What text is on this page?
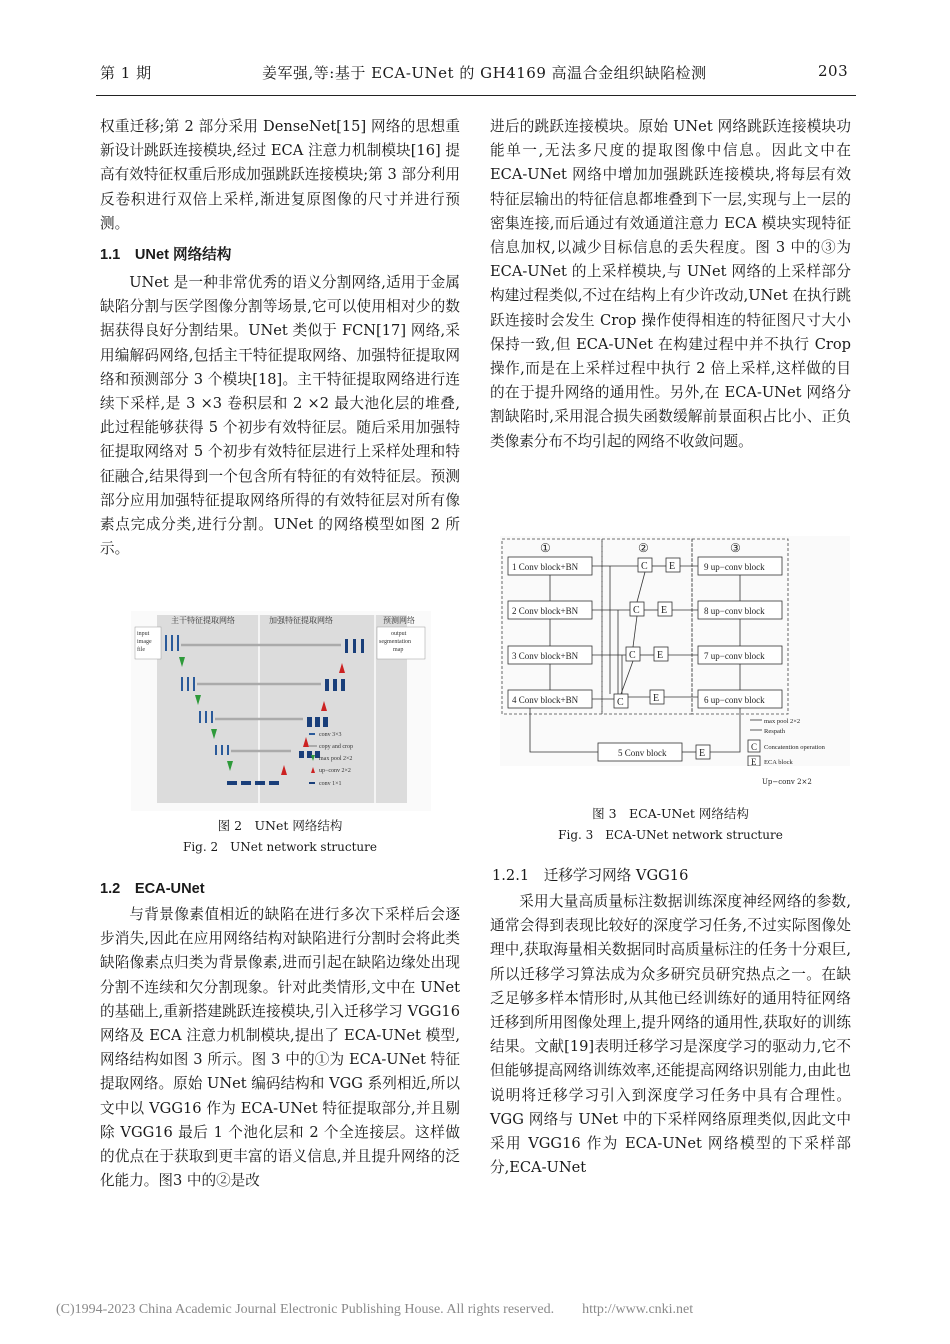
第 1 期	姜军强,等:基于 ECA-UNet 的 GH4169 高温合金组织缺陷检测	203

权重迁移;第 2 部分采用 DenseNet[15] 网络的思想重新设计跳跃连接模块,经过 ECA 注意力机制模块[16] 提高有效特征权重后形成加强跳跃连接模块;第 3 部分利用反卷积进行双倍上采样,渐进复原图像的尺寸并进行预测。

1.1　UNet 网络结构

UNet 是一种非常优秀的语义分割网络,适用于金属缺陷分割与医学图像分割等场景,它可以使用相对少的数据获得良好分割结果。UNet 类似于 FCN[17] 网络,采用编解码网络,包括主干特征提取网络、加强特征提取网络和预测部分 3 个模块[18]。主干特征提取网络进行连续下采样,是 3 ×3 卷积层和 2 ×2 最大池化层的堆叠,此过程能够获得 5 个初步有效特征层。随后采用加强特征提取网络对 5 个初步有效特征层进行上采样处理和特征融合,结果得到一个包含所有特征的有效特征层。预测部分应用加强特征提取网络所得的有效特征层对所有像素点完成分类,进行分割。UNet 的网络模型如图 2 所示。

主干特征提取网络	加强特征提取网络	预测网络
input
image
file
output
segmentation
map
conv 3×3
copy and crop
max pool 2×2
up−conv 2×2
conv 1×1
图 2　UNet 网络结构
Fig. 2　UNet network structure
1.2　ECA-UNet

与背景像素值相近的缺陷在进行多次下采样后会逐步消失,因此在应用网络结构对缺陷进行分割时会将此类缺陷像素点归类为背景像素,进而引起在缺陷边缘处出现分割不连续和欠分割现象。针对此类情形,文中在 UNet 的基础上,重新搭建跳跃连接模块,引入迁移学习 VGG16 网络及 ECA 注意力机制模块,提出了 ECA-UNet 模型,网络结构如图 3 所示。图 3 中的①为 ECA-UNet 特征提取网络。原始 UNet 编码结构和 VGG 系列相近,所以文中以 VGG16 作为 ECA-UNet 特征提取部分,并且剔除 VGG16 最后 1 个池化层和 2 个全连接层。这样做的优点在于获取到更丰富的语义信息,并且提升网络的泛化能力。图3 中的②是改

进后的跳跃连接模块。原始 UNet 网络跳跃连接模块功能单一,无法多尺度的提取图像中信息。因此文中在 ECA-UNet 网络中增加加强跳跃连接模块,将每层有效特征层输出的特征信息都堆叠到下一层,实现与上一层的密集连接,而后通过有效通道注意力 ECA 模块实现特征信息加权,以减少目标信息的丢失程度。图 3 中的③为 ECA-UNet 的上采样模块,与 UNet 网络的上采样部分构建过程类似,不过在结构上有少许改动,UNet 在执行跳跃连接时会发生 Crop 操作使得相连的特征图尺寸大小保持一致,但 ECA-UNet 在构建过程中并不执行 Crop 操作,而是在上采样过程中执行 2 倍上采样,这样做的目的在于提升网络的通用性。另外,在 ECA-UNet 网络分割缺陷时,采用混合损失函数缓解前景面积占比小、正负类像素分布不均引起的网络不收敛问题。

①	②	③
1 Conv block+BN
2 Conv block+BN
3 Conv block+BN
4 Conv block+BN
5 Conv block
9 up−conv block
8 up−conv block
7 up−conv block
6 up−conv block
C
C
C
C
E
E
E
E
E
max pool 2×2
Respath
C Concatention operation
E ECA block
Up−conv 2×2
图 3　ECA-UNet 网络结构
Fig. 3　ECA-UNet network structure
1.2.1　迁移学习网络 VGG16

采用大量高质量标注数据训练深度神经网络的参数,通常会得到表现比较好的深度学习任务,不过实际图像处理中,获取海量相关数据同时高质量标注的任务十分艰巨,所以迁移学习算法成为众多研究员研究热点之一。在缺乏足够多样本情形时,从其他已经训练好的通用特征网络迁移到所用图像处理上,提升网络的通用性,获取好的训练结果。文献[19]表明迁移学习是深度学习的驱动力,它不但能够提高网络训练效率,还能提高网络识别能力,由此也说明将迁移学习引入到深度学习任务中具有合理性。VGG 网络与 UNet 中的下采样网络原理类似,因此文中采用 VGG16 作为 ECA-UNet 网络模型的下采样部分,ECA-UNet

(C)1994-2023 China Academic Journal Electronic Publishing House. All rights reserved.　　http://www.cnki.net
